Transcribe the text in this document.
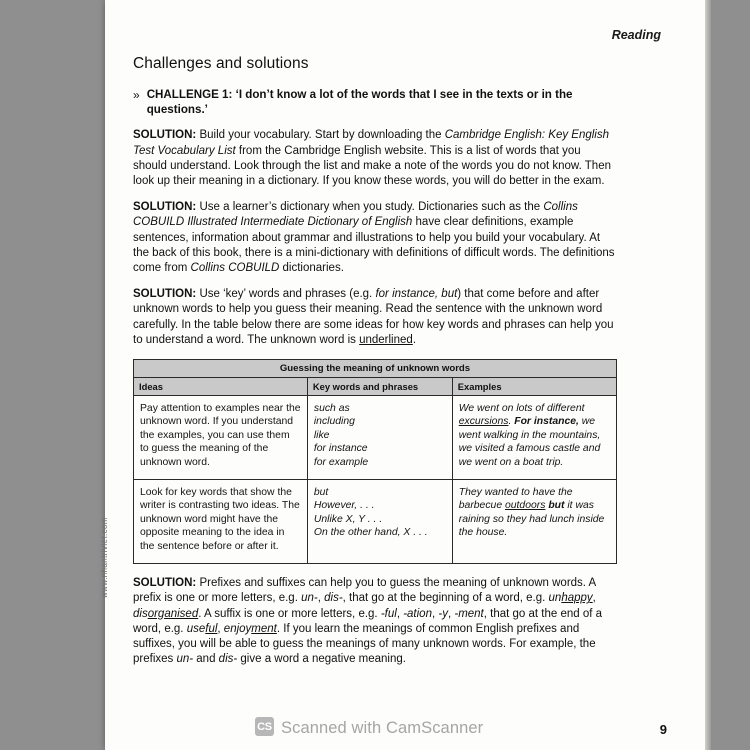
www.nhantriviet.com
Reading
Challenges and solutions
» CHALLENGE 1: ‘I don’t know a lot of the words that I see in the texts or in the questions.’

SOLUTION: Build your vocabulary. Start by downloading the Cambridge English: Key English Test Vocabulary List from the Cambridge English website. This is a list of words that you should understand. Look through the list and make a note of the words you do not know. Then look up their meaning in a dictionary. If you know these words, you will do better in the exam.

SOLUTION: Use a learner’s dictionary when you study. Dictionaries such as the Collins COBUILD Illustrated Intermediate Dictionary of English have clear definitions, example sentences, information about grammar and illustrations to help you build your vocabulary. At the back of this book, there is a mini-dictionary with definitions of difficult words. The definitions come from Collins COBUILD dictionaries.

SOLUTION: Use ‘key’ words and phrases (e.g. for instance, but) that come before and after unknown words to help you guess their meaning. Read the sentence with the unknown word carefully. In the table below there are some ideas for how key words and phrases can help you to understand a word. The unknown word is underlined.

Guessing the meaning of unknown words		
Ideas	Key words and phrases	Examples
Pay attention to examples near the unknown word. If you understand the examples, you can use them to guess the meaning of the unknown word.	such as
including
like
for instance
for example	We went on lots of different excursions. For instance, we went walking in the mountains, we visited a famous castle and we went on a boat trip.
Look for key words that show the writer is contrasting two ideas. The unknown word might have the opposite meaning to the idea in the sentence before or after it.	but
However, . . .
Unlike X, Y . . .
On the other hand, X . . .	They wanted to have the barbecue outdoors but it was raining so they had lunch inside the house.

SOLUTION: Prefixes and suffixes can help you to guess the meaning of unknown words. A prefix is one or more letters, e.g. un-, dis-, that go at the beginning of a word, e.g. unhappy, disorganised. A suffix is one or more letters, e.g. -ful, -ation, -y, -ment, that go at the end of a word, e.g. useful, enjoyment. If you learn the meanings of common English prefixes and suffixes, you will be able to guess the meanings of many unknown words. For example, the prefixes un- and dis- give a word a negative meaning.

CS Scanned with CamScanner	9
